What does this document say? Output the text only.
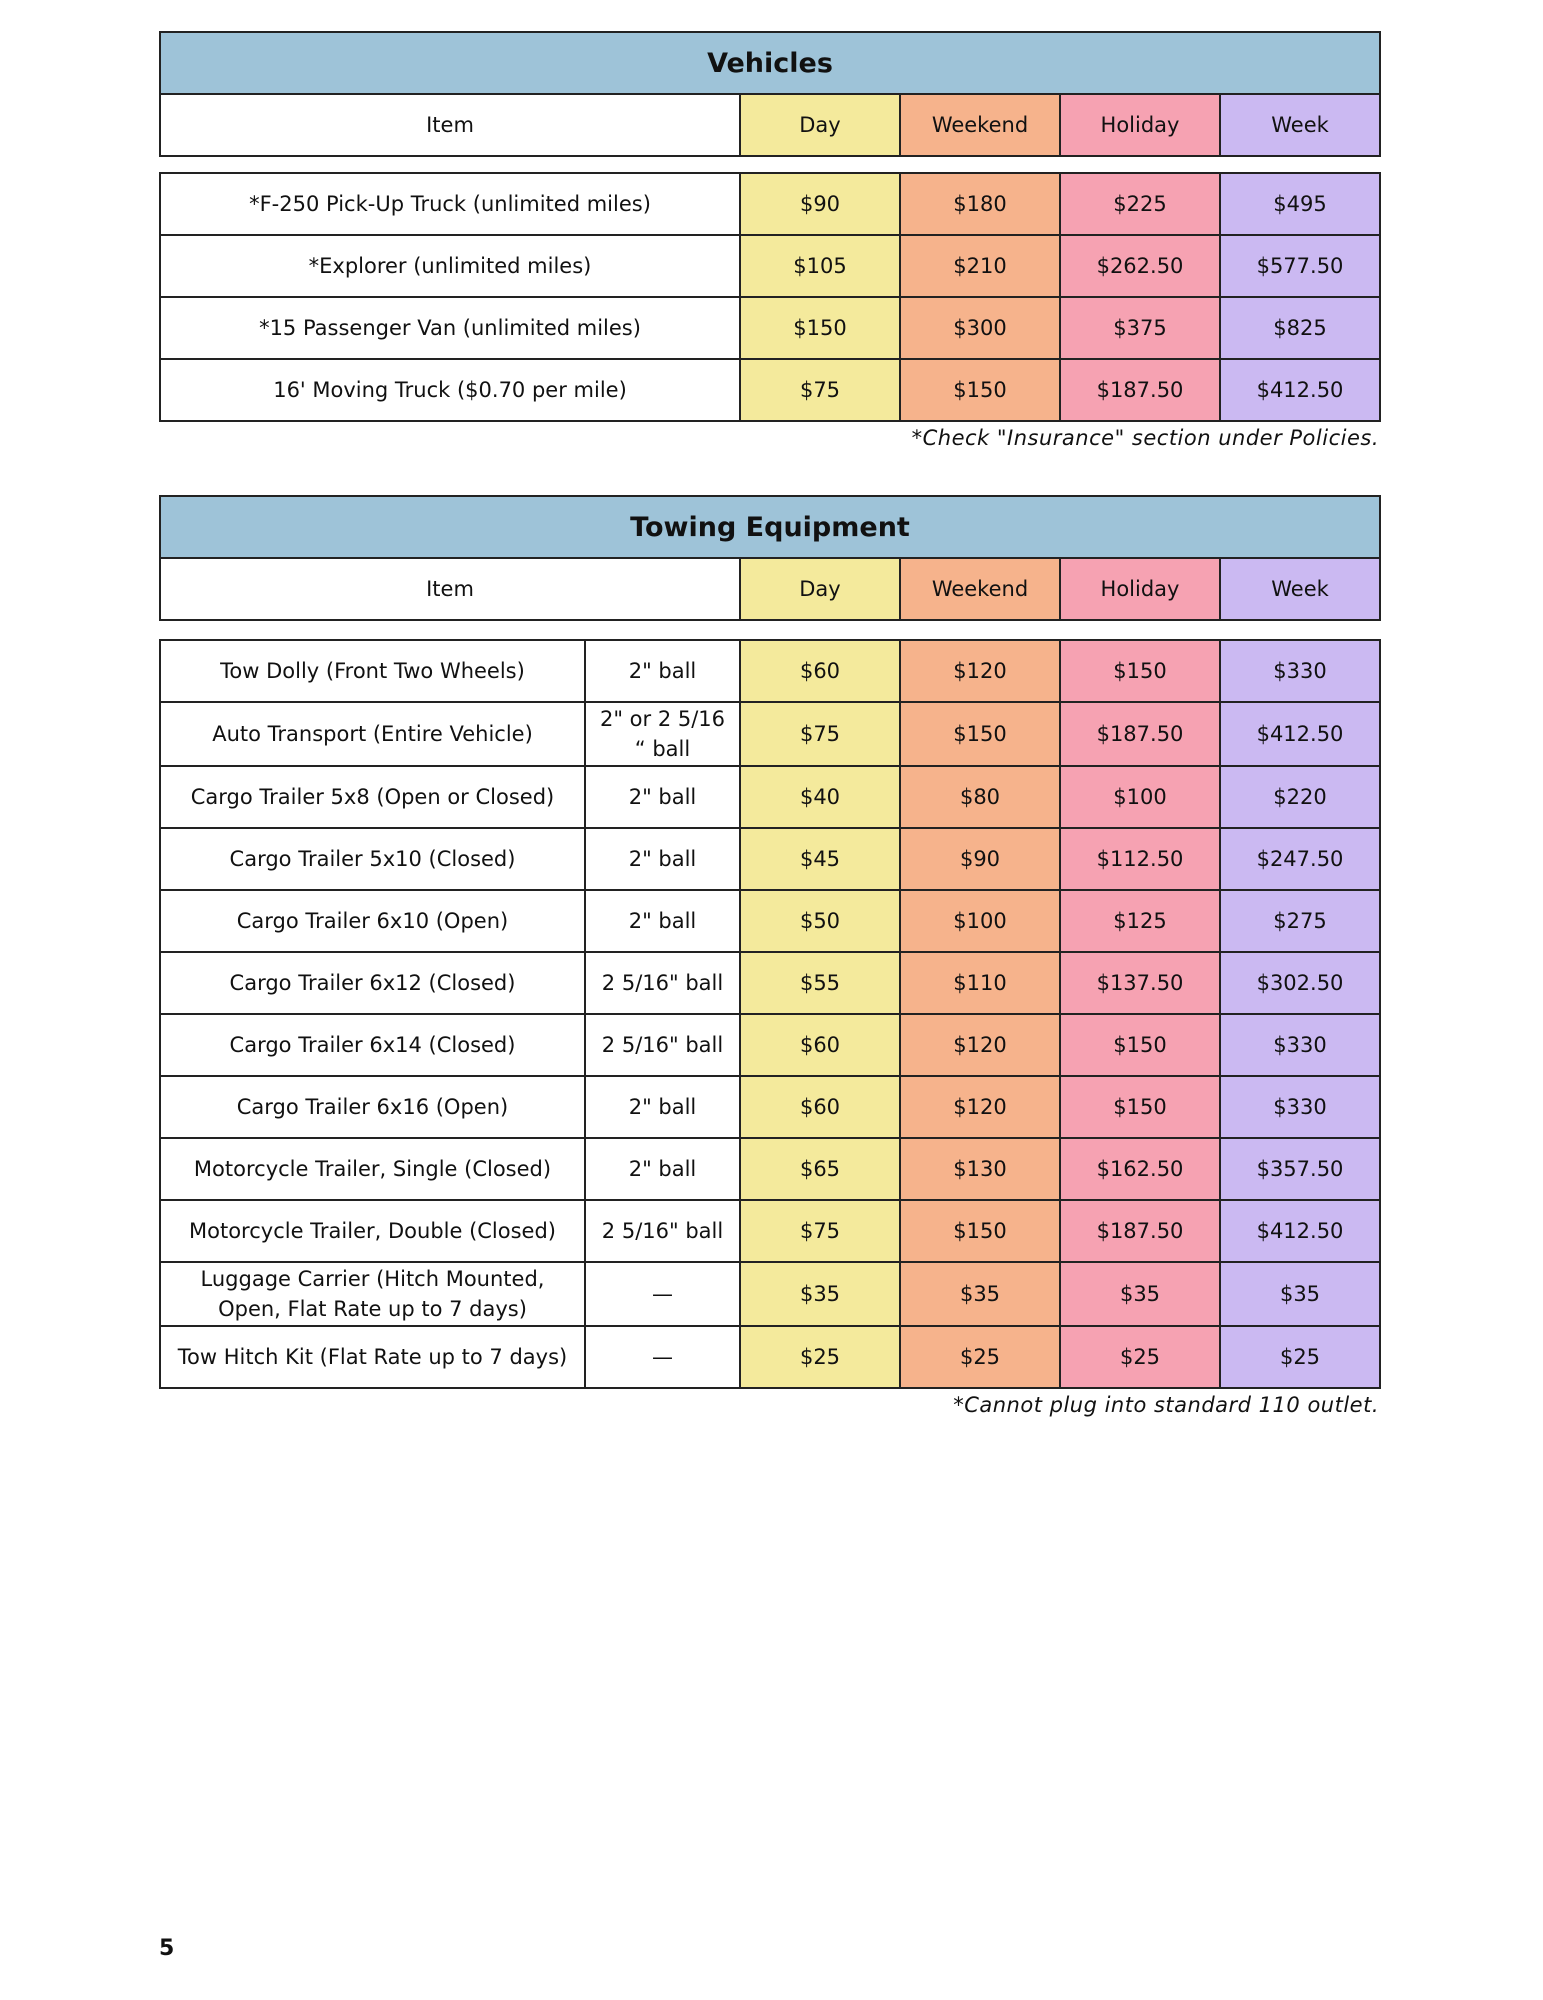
Vehicles
Item	Day	Weekend	Holiday	Week
*F-250 Pick-Up Truck (unlimited miles)	$90	$180	$225	$495
*Explorer (unlimited miles)	$105	$210	$262.50	$577.50
*15 Passenger Van (unlimited miles)	$150	$300	$375	$825
16' Moving Truck ($0.70 per mile)	$75	$150	$187.50	$412.50
*Check "Insurance" section under Policies.
Towing Equipment
Item	Day	Weekend	Holiday	Week
Tow Dolly (Front Two Wheels)	2" ball	$60	$120	$150	$330
Auto Transport (Entire Vehicle)	2" or 2 5/16 “ ball	$75	$150	$187.50	$412.50
Cargo Trailer 5x8 (Open or Closed)	2" ball	$40	$80	$100	$220
Cargo Trailer 5x10 (Closed)	2" ball	$45	$90	$112.50	$247.50
Cargo Trailer 6x10 (Open)	2" ball	$50	$100	$125	$275
Cargo Trailer 6x12 (Closed)	2 5/16" ball	$55	$110	$137.50	$302.50
Cargo Trailer 6x14 (Closed)	2 5/16" ball	$60	$120	$150	$330
Cargo Trailer 6x16 (Open)	2" ball	$60	$120	$150	$330
Motorcycle Trailer, Single (Closed)	2" ball	$65	$130	$162.50	$357.50
Motorcycle Trailer, Double (Closed)	2 5/16" ball	$75	$150	$187.50	$412.50
Luggage Carrier (Hitch Mounted, Open, Flat Rate up to 7 days)	—	$35	$35	$35	$35
Tow Hitch Kit (Flat Rate up to 7 days)	—	$25	$25	$25	$25
*Cannot plug into standard 110 outlet.
5
